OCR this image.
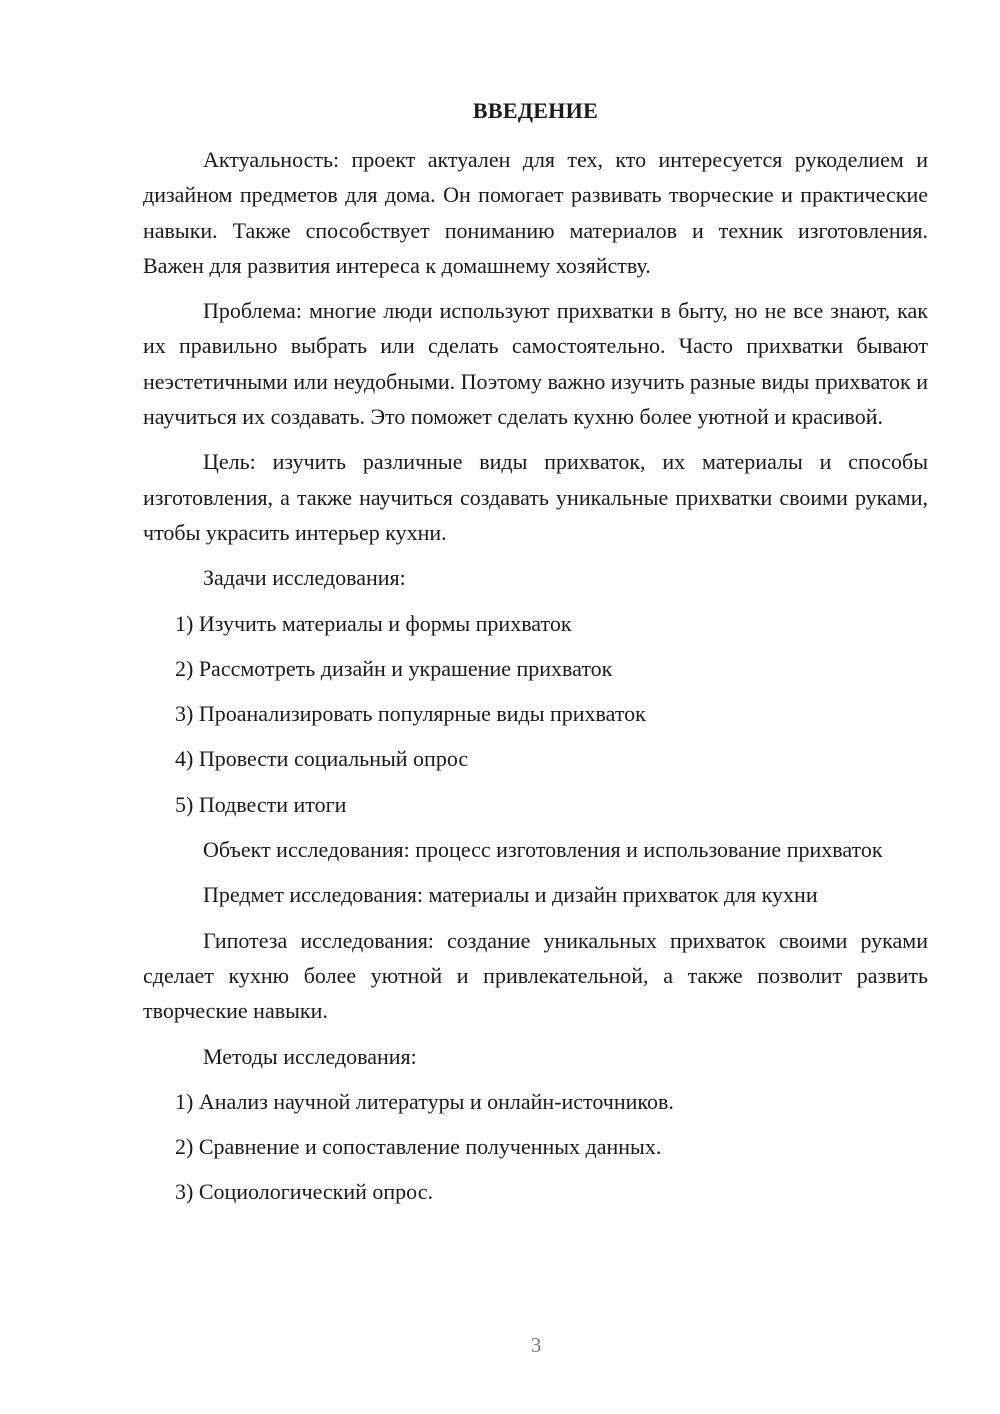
ВВЕДЕНИЕ

Актуальность: проект актуален для тех, кто интересуется рукоделием и дизайном предметов для дома. Он помогает развивать творческие и практические навыки. Также способствует пониманию материалов и техник изготовления. Важен для развития интереса к домашнему хозяйству.

Проблема: многие люди используют прихватки в быту, но не все знают, как их правильно выбрать или сделать самостоятельно. Часто прихватки бывают неэстетичными или неудобными. Поэтому важно изучить разные виды прихваток и научиться их создавать. Это поможет сделать кухню более уютной и красивой.

Цель: изучить различные виды прихваток, их материалы и способы изготовления, а также научиться создавать уникальные прихватки своими руками, чтобы украсить интерьер кухни.

Задачи исследования:
1) Изучить материалы и формы прихваток
2) Рассмотреть дизайн и украшение прихваток
3) Проанализировать популярные виды прихваток
4) Провести социальный опрос
5) Подвести итоги

Объект исследования: процесс изготовления и использование прихваток

Предмет исследования: материалы и дизайн прихваток для кухни

Гипотеза исследования: создание уникальных прихваток своими руками сделает кухню более уютной и привлекательной, а также позволит развить творческие навыки.

Методы исследования:
1) Анализ научной литературы и онлайн-источников.
2) Сравнение и сопоставление полученных данных.
3) Социологический опрос.
3
